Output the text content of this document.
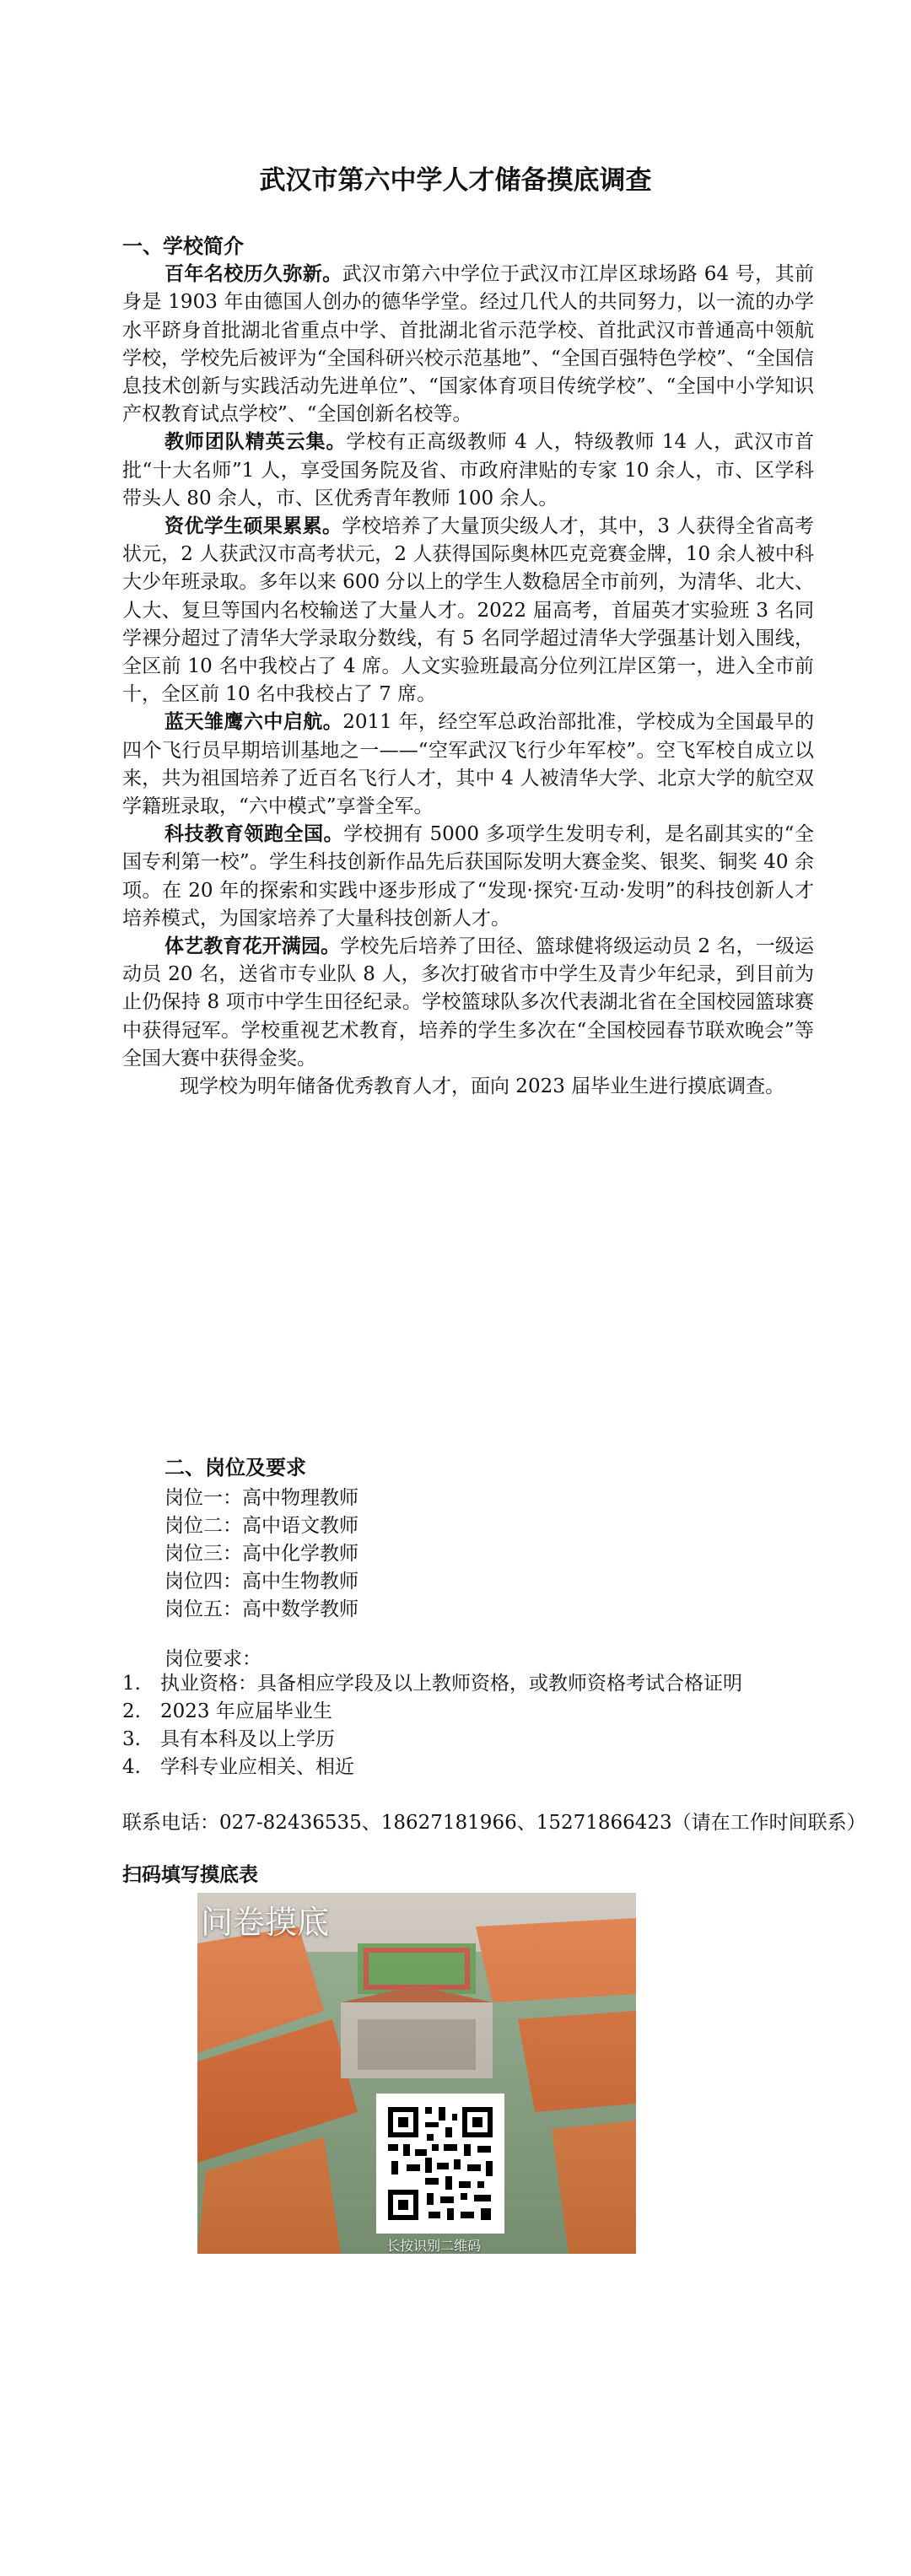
武汉市第六中学人才储备摸底调查
一、学校简介

百年名校历久弥新。武汉市第六中学位于武汉市江岸区球场路 64 号，其前身是 1903 年由德国人创办的德华学堂。经过几代人的共同努力，以一流的办学水平跻身首批湖北省重点中学、首批湖北省示范学校、首批武汉市普通高中领航学校，学校先后被评为“全国科研兴校示范基地”、“全国百强特色学校”、“全国信息技术创新与实践活动先进单位”、“国家体育项目传统学校”、“全国中小学知识产权教育试点学校”、“全国创新名校等。

教师团队精英云集。学校有正高级教师 4 人，特级教师 14 人，武汉市首批“十大名师”1 人，享受国务院及省、市政府津贴的专家 10 余人，市、区学科带头人 80 余人，市、区优秀青年教师 100 余人。

资优学生硕果累累。学校培养了大量顶尖级人才，其中，3 人获得全省高考状元，2 人获武汉市高考状元，2 人获得国际奥林匹克竞赛金牌，10 余人被中科大少年班录取。多年以来 600 分以上的学生人数稳居全市前列，为清华、北大、人大、复旦等国内名校输送了大量人才。2022 届高考，首届英才实验班 3 名同学裸分超过了清华大学录取分数线，有 5 名同学超过清华大学强基计划入围线，全区前 10 名中我校占了 4 席。人文实验班最高分位列江岸区第一，进入全市前十，全区前 10 名中我校占了 7 席。

蓝天雏鹰六中启航。2011 年，经空军总政治部批准，学校成为全国最早的四个飞行员早期培训基地之一——“空军武汉飞行少年军校”。空飞军校自成立以来，共为祖国培养了近百名飞行人才，其中 4 人被清华大学、北京大学的航空双学籍班录取，“六中模式”享誉全军。

科技教育领跑全国。学校拥有 5000 多项学生发明专利，是名副其实的“全国专利第一校”。学生科技创新作品先后获国际发明大赛金奖、银奖、铜奖 40 余项。在 20 年的探索和实践中逐步形成了“发现·探究·互动·发明”的科技创新人才培养模式，为国家培养了大量科技创新人才。

体艺教育花开满园。学校先后培养了田径、篮球健将级运动员 2 名，一级运动员 20 名，送省市专业队 8 人，多次打破省市中学生及青少年纪录，到目前为止仍保持 8 项市中学生田径纪录。学校篮球队多次代表湖北省在全国校园篮球赛中获得冠军。学校重视艺术教育，培养的学生多次在“全国校园春节联欢晚会”等全国大赛中获得金奖。

现学校为明年储备优秀教育人才，面向 2023 届毕业生进行摸底调查。

二、岗位及要求
岗位一：高中物理教师
岗位二：高中语文教师
岗位三：高中化学教师
岗位四：高中生物教师
岗位五：高中数学教师
岗位要求：
1. 执业资格：具备相应学段及以上教师资格，或教师资格考试合格证明
2. 2023 年应届毕业生
3. 具有本科及以上学历
4. 学科专业应相关、相近
联系电话：027-82436535、18627181966、15271866423（请在工作时间联系）
扫码填写摸底表
问卷摸底
长按识别二维码
